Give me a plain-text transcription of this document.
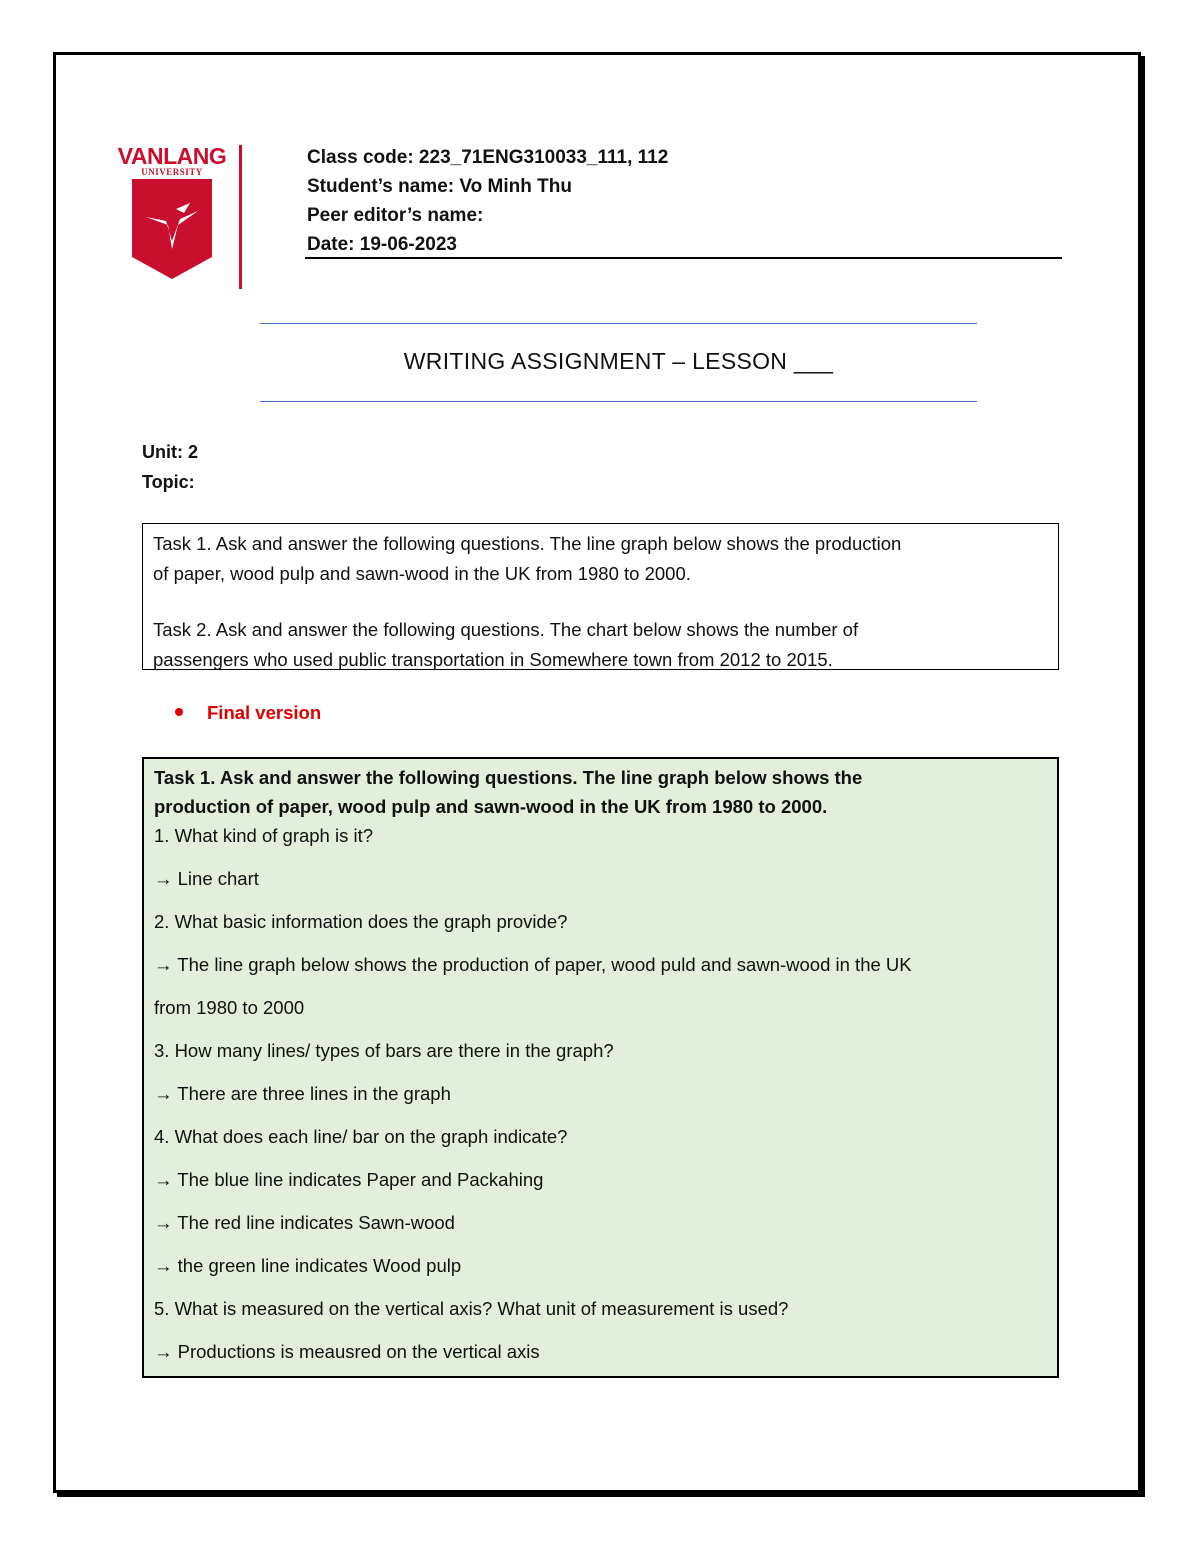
VANLANG
UNIVERSITY
Class code: 223_71ENG310033_111, 112
Student’s name: Vo Minh Thu
Peer editor’s name:
Date: 19-06-2023
WRITING ASSIGNMENT – LESSON ___
Unit: 2
Topic:

Task 1. Ask and answer the following questions. The line graph below shows the production

of paper, wood pulp and sawn-wood in the UK from 1980 to 2000.

Task 2. Ask and answer the following questions. The chart below shows the number of

passengers who used public transportation in Somewhere town from 2012 to 2015.

Final version
Task 1. Ask and answer the following questions. The line graph below shows the
production of paper, wood pulp and sawn-wood in the UK from 1980 to 2000.
1. What kind of graph is it?
→ Line chart
2. What basic information does the graph provide?
→ The line graph below shows the production of paper, wood puld and sawn-wood in the UK
from 1980 to 2000
3. How many lines/ types of bars are there in the graph?
→ There are three lines in the graph
4. What does each line/ bar on the graph indicate?
→ The blue line indicates Paper and Packahing
→ The red line indicates Sawn-wood
→ the green line indicates Wood pulp
5. What is measured on the vertical axis? What unit of measurement is used?
→ Productions is meausred on the vertical axis
